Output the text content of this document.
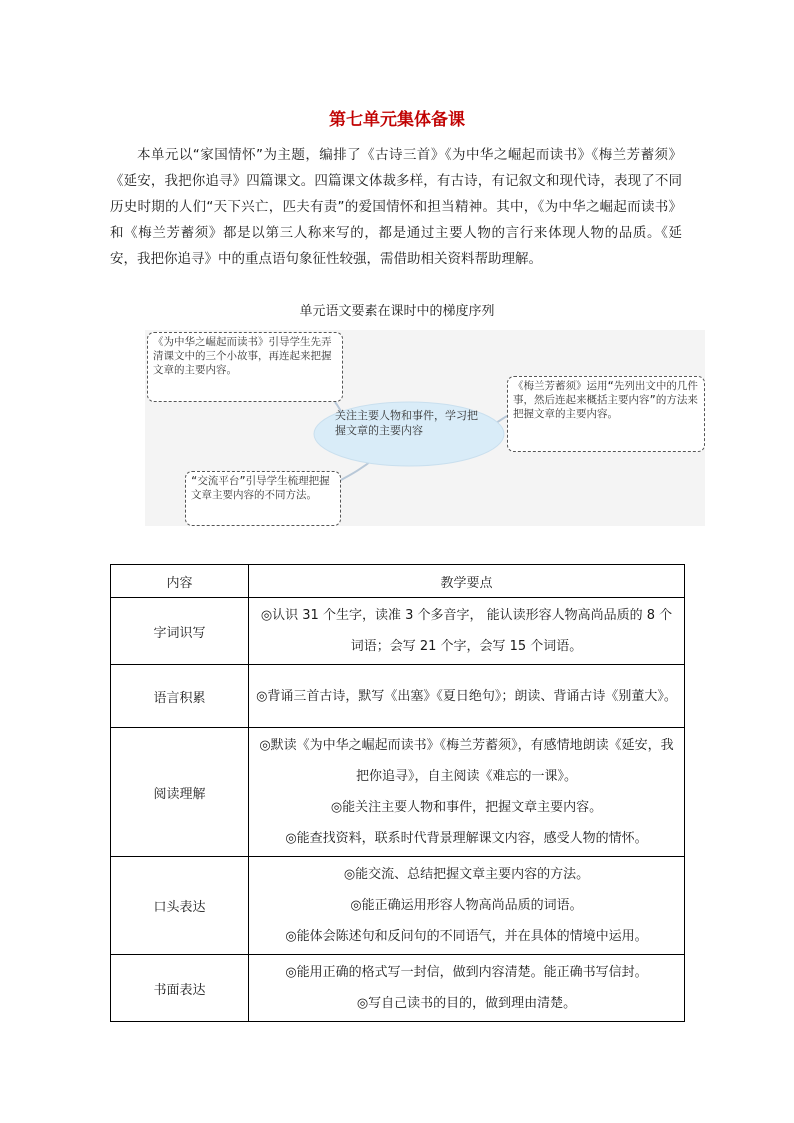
第七单元集体备课

本单元以“家国情怀”为主题，编排了《古诗三首》《为中华之崛起而读书》《梅兰芳蓄须》《延安，我把你追寻》四篇课文。四篇课文体裁多样，有古诗，有记叙文和现代诗，表现了不同历史时期的人们“天下兴亡，匹夫有责”的爱国情怀和担当精神。其中，《为中华之崛起而读书》和《梅兰芳蓄须》都是以第三人称来写的，都是通过主要人物的言行来体现人物的品质。《延安，我把你追寻》中的重点语句象征性较强，需借助相关资料帮助理解。

单元语文要素在课时中的梯度序列
关注主要人物和事件，学习把握文章的主要内容
《为中华之崛起而读书》引导学生先弄清课文中的三个小故事，再连起来把握文章的主要内容。
《梅兰芳蓄须》运用“先列出文中的几件事，然后连起来概括主要内容”的方法来把握文章的主要内容。
“交流平台”引导学生梳理把握文章主要内容的不同方法。
内容	教学要点
字词识写	◎认识 31 个生字，读准 3 个多音字， 能认读形容人物高尚品质的 8 个词语；会写 21 个字，会写 15 个词语。

语言积累	◎背诵三首古诗，默写《出塞》《夏日绝句》；朗读、背诵古诗《别董大》。

阅读理解	◎默读《为中华之崛起而读书》《梅兰芳蓄须》，有感情地朗读《延安，我把你追寻》，自主阅读《难忘的一课》。
◎能关注主要人物和事件，把握文章主要内容。
◎能查找资料，联系时代背景理解课文内容，感受人物的情怀。

口头表达	◎能交流、总结把握文章主要内容的方法。
◎能正确运用形容人物高尚品质的词语。
◎能体会陈述句和反问句的不同语气，并在具体的情境中运用。

书面表达	◎能用正确的格式写一封信，做到内容清楚。能正确书写信封。
◎写自己读书的目的，做到理由清楚。
